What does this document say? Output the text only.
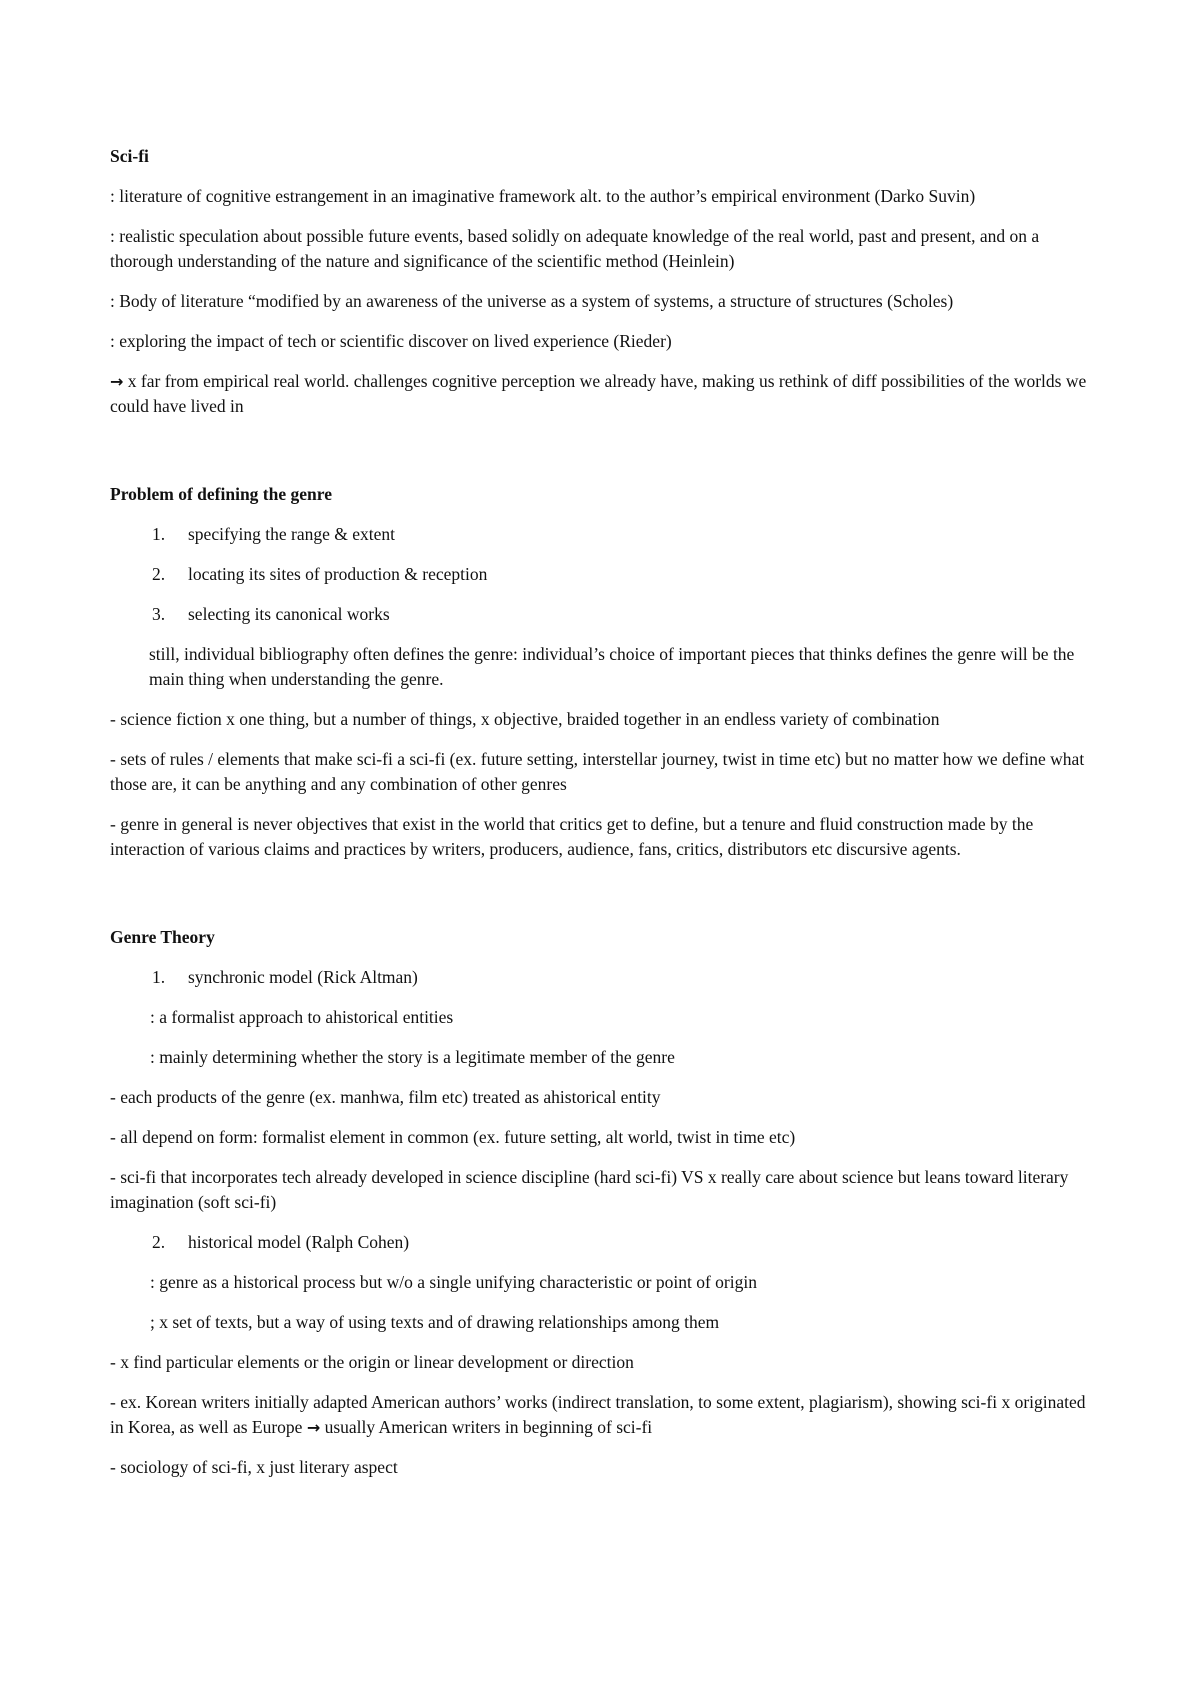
Sci-fi
: literature of cognitive estrangement in an imaginative framework alt. to the author’s empirical environment (Darko Suvin)
: realistic speculation about possible future events, based solidly on adequate knowledge of the real world, past and present, and on a thorough understanding of the nature and significance of the scientific method (Heinlein)
: Body of literature “modified by an awareness of the universe as a system of systems, a structure of structures (Scholes)
: exploring the impact of tech or scientific discover on lived experience (Rieder)
→ x far from empirical real world. challenges cognitive perception we already have, making us rethink of diff possibilities of the worlds we could have lived in
Problem of defining the genre
1.	specifying the range & extent
2.	locating its sites of production & reception
3.	selecting its canonical works
still, individual bibliography often defines the genre: individual’s choice of important pieces that thinks defines the genre will be the main thing when understanding the genre.
- science fiction x one thing, but a number of things, x objective, braided together in an endless variety of combination
- sets of rules / elements that make sci-fi a sci-fi (ex. future setting, interstellar journey, twist in time etc) but no matter how we define what those are, it can be anything and any combination of other genres
- genre in general is never objectives that exist in the world that critics get to define, but a tenure and fluid construction made by the interaction of various claims and practices by writers, producers, audience, fans, critics, distributors etc discursive agents.
Genre Theory
1.	synchronic model (Rick Altman)
: a formalist approach to ahistorical entities
: mainly determining whether the story is a legitimate member of the genre
- each products of the genre (ex. manhwa, film etc) treated as ahistorical entity
- all depend on form: formalist element in common (ex. future setting, alt world, twist in time etc)
- sci-fi that incorporates tech already developed in science discipline (hard sci-fi) VS x really care about science but leans toward literary imagination (soft sci-fi)
2.	historical model (Ralph Cohen)
: genre as a historical process but w/o a single unifying characteristic or point of origin
; x set of texts, but a way of using texts and of drawing relationships among them
- x find particular elements or the origin or linear development or direction
- ex. Korean writers initially adapted American authors’ works (indirect translation, to some extent, plagiarism), showing sci-fi x originated in Korea, as well as Europe → usually American writers in beginning of sci-fi
- sociology of sci-fi, x just literary aspect
